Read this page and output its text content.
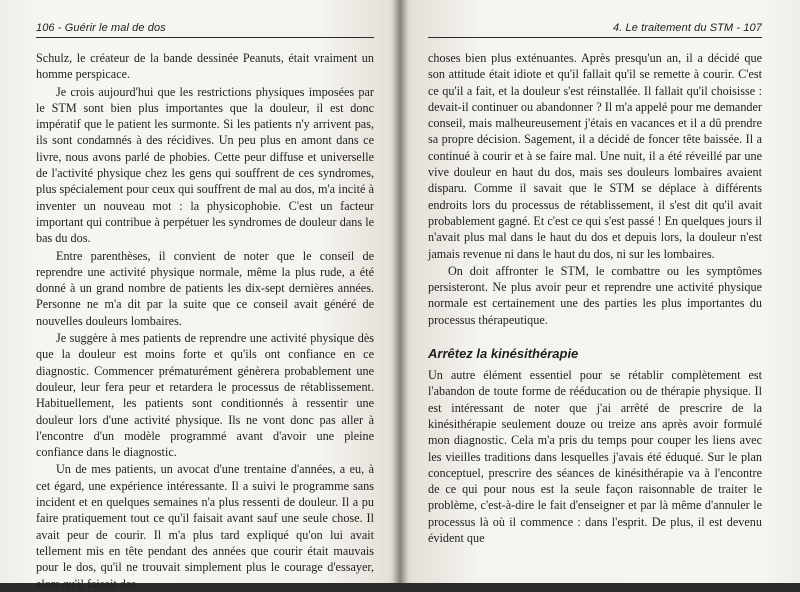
106 - Guérir le mal de dos

Schulz, le créateur de la bande dessinée Peanuts, était vraiment un homme perspicace.

Je crois aujourd'hui que les restrictions physiques imposées par le STM sont bien plus importantes que la douleur, il est donc impératif que le patient les surmonte. Si les patients n'y arrivent pas, ils sont condamnés à des récidives. Un peu plus en amont dans ce livre, nous avons parlé de phobies. Cette peur diffuse et universelle de l'activité physique chez les gens qui souffrent de ces syndromes, plus spécialement pour ceux qui souffrent de mal au dos, m'a incité à inventer un nouveau mot : la physicophobie. C'est un facteur important qui contribue à perpétuer les syndromes de douleur dans le bas du dos.

Entre parenthèses, il convient de noter que le conseil de reprendre une activité physique normale, même la plus rude, a été donné à un grand nombre de patients les dix-sept dernières années. Personne ne m'a dit par la suite que ce conseil avait généré de nouvelles douleurs lombaires.

Je suggère à mes patients de reprendre une activité physique dès que la douleur est moins forte et qu'ils ont confiance en ce diagnostic. Commencer prématurément génèrera probablement une douleur, leur fera peur et retardera le processus de rétablissement. Habituellement, les patients sont conditionnés à ressentir une douleur lors d'une activité physique. Ils ne vont donc pas aller à l'encontre d'un modèle programmé avant d'avoir une pleine confiance dans le diagnostic.

Un de mes patients, un avocat d'une trentaine d'années, a eu, à cet égard, une expérience intéressante. Il a suivi le programme sans incident et en quelques semaines n'a plus ressenti de douleur. Il a pu faire pratiquement tout ce qu'il faisait avant sauf une seule chose. Il avait peur de courir. Il m'a plus tard expliqué qu'on lui avait tellement mis en tête pendant des années que courir était mauvais pour le dos, qu'il ne trouvait simplement plus le courage d'essayer, alors qu'il faisait des

4. Le traitement du STM - 107

choses bien plus exténuantes. Après presqu'un an, il a décidé que son attitude était idiote et qu'il fallait qu'il se remette à courir. C'est ce qu'il a fait, et la douleur s'est réinstallée. Il fallait qu'il choisisse : devait-il continuer ou abandonner ? Il m'a appelé pour me demander conseil, mais malheureusement j'étais en vacances et il a dû prendre sa propre décision. Sagement, il a décidé de foncer tête baissée. Il a continué à courir et à se faire mal. Une nuit, il a été réveillé par une vive douleur en haut du dos, mais ses douleurs lombaires avaient disparu. Comme il savait que le STM se déplace à différents endroits lors du processus de rétablissement, il s'est dit qu'il avait probablement gagné. Et c'est ce qui s'est passé ! En quelques jours il n'avait plus mal dans le haut du dos et depuis lors, la douleur n'est jamais revenue ni dans le haut du dos, ni sur les lombaires.

On doit affronter le STM, le combattre ou les symptômes persisteront. Ne plus avoir peur et reprendre une activité physique normale est certainement une des parties les plus importantes du processus thérapeutique.

Arrêtez la kinésithérapie

Un autre élément essentiel pour se rétablir complètement est l'abandon de toute forme de rééducation ou de thérapie physique. Il est intéressant de noter que j'ai arrêté de prescrire de la kinésithérapie seulement douze ou treize ans après avoir formulé mon diagnostic. Cela m'a pris du temps pour couper les liens avec les vieilles traditions dans lesquelles j'avais été éduqué. Sur le plan conceptuel, prescrire des séances de kinésithérapie va à l'encontre de ce qui pour nous est la seule façon raisonnable de traiter le problème, c'est-à-dire le fait d'enseigner et par là même d'annuler le processus là où il commence : dans l'esprit. De plus, il est devenu évident que
